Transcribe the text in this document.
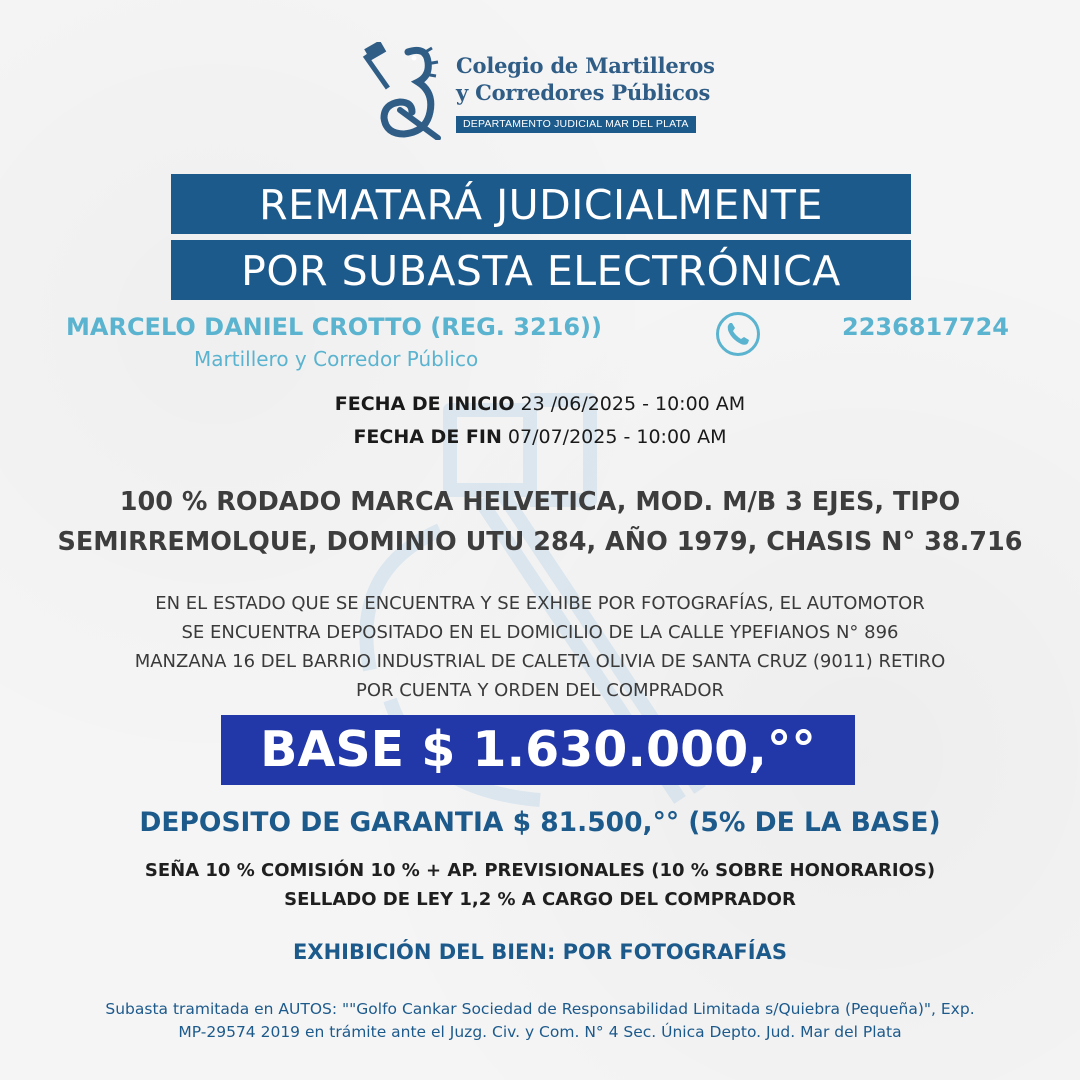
Colegio de Martilleros
y Corredores Públicos
DEPARTAMENTO JUDICIAL MAR DEL PLATA
REMATARÁ JUDICIALMENTE
POR SUBASTA ELECTRÓNICA
MARCELO DANIEL CROTTO (REG. 3216))
Martillero y Corredor Público
2236817724
FECHA DE INICIO 23 /06/2025 - 10:00 AM
FECHA DE FIN 07/07/2025 - 10:00 AM
100 % RODADO MARCA HELVETICA, MOD. M/B 3 EJES, TIPO
SEMIRREMOLQUE, DOMINIO UTU 284, AÑO 1979, CHASIS N° 38.716
EN EL ESTADO QUE SE ENCUENTRA Y SE EXHIBE POR FOTOGRAFÍAS, EL AUTOMOTOR
SE ENCUENTRA DEPOSITADO EN EL DOMICILIO DE LA CALLE YPEFIANOS N° 896
MANZANA 16 DEL BARRIO INDUSTRIAL DE CALETA OLIVIA DE SANTA CRUZ (9011) RETIRO
POR CUENTA Y ORDEN DEL COMPRADOR
BASE $ 1.630.000,°°
DEPOSITO DE GARANTIA $ 81.500,°° (5% DE LA BASE)
SEÑA 10 % COMISIÓN 10 % + AP. PREVISIONALES (10 % SOBRE HONORARIOS)
SELLADO DE LEY 1,2 % A CARGO DEL COMPRADOR
EXHIBICIÓN DEL BIEN: POR FOTOGRAFÍAS
Subasta tramitada en AUTOS: ""Golfo Cankar Sociedad de Responsabilidad Limitada s/Quiebra (Pequeña)", Exp.
MP-29574 2019 en trámite ante el Juzg. Civ. y Com. N° 4 Sec. Única Depto. Jud. Mar del Plata
